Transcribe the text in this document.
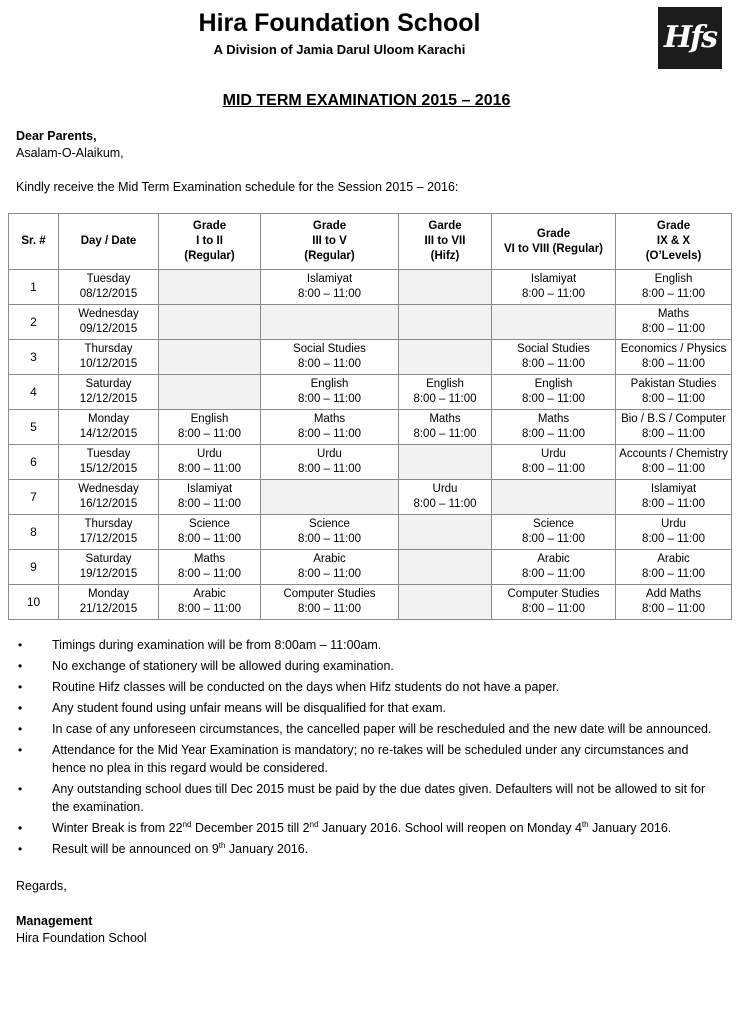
Hira Foundation School
A Division of Jamia Darul Uloom Karachi	Hfs
MID TERM EXAMINATION 2015 – 2016
Dear Parents,
Asalam-O-Alaikum,
Kindly receive the Mid Term Examination schedule for the Session 2015 – 2016:
Sr. #	Day / Date	Grade
I to II
(Regular)	Grade
III to V
(Regular)	Garde
III to VII
(Hifz)	Grade
VI to VIII (Regular)	Grade
IX & X
(O’Levels)

1	Tuesday
08/12/2015		Islamiyat
8:00 – 11:00		Islamiyat
8:00 – 11:00	English
8:00 – 11:00

2	Wednesday
09/12/2015					Maths
8:00 – 11:00

3	Thursday
10/12/2015		Social Studies
8:00 – 11:00		Social Studies
8:00 – 11:00	Economics / Physics
8:00 – 11:00

4	Saturday
12/12/2015		English
8:00 – 11:00	English
8:00 – 11:00	English
8:00 – 11:00	Pakistan Studies
8:00 – 11:00

5	Monday
14/12/2015	English
8:00 – 11:00	Maths
8:00 – 11:00	Maths
8:00 – 11:00	Maths
8:00 – 11:00	Bio / B.S / Computer
8:00 – 11:00

6	Tuesday
15/12/2015	Urdu
8:00 – 11:00	Urdu
8:00 – 11:00		Urdu
8:00 – 11:00	Accounts / Chemistry
8:00 – 11:00

7	Wednesday
16/12/2015	Islamiyat
8:00 – 11:00		Urdu
8:00 – 11:00		Islamiyat
8:00 – 11:00

8	Thursday
17/12/2015	Science
8:00 – 11:00	Science
8:00 – 11:00		Science
8:00 – 11:00	Urdu
8:00 – 11:00

9	Saturday
19/12/2015	Maths
8:00 – 11:00	Arabic
8:00 – 11:00		Arabic
8:00 – 11:00	Arabic
8:00 – 11:00

10	Monday
21/12/2015	Arabic
8:00 – 11:00	Computer Studies
8:00 – 11:00		Computer Studies
8:00 – 11:00	Add Maths
8:00 – 11:00
• Timings during examination will be from 8:00am – 11:00am.
• No exchange of stationery will be allowed during examination.
• Routine Hifz classes will be conducted on the days when Hifz students do not have a paper.
• Any student found using unfair means will be disqualified for that exam.
• In case of any unforeseen circumstances, the cancelled paper will be rescheduled and the new date will be announced.
• Attendance for the Mid Year Examination is mandatory; no re-takes will be scheduled under any circumstances and hence no plea in this regard would be considered.
• Any outstanding school dues till Dec 2015 must be paid by the due dates given. Defaulters will not be allowed to sit for the examination.
• Winter Break is from 22nd December 2015 till 2nd January 2016. School will reopen on Monday 4th January 2016.
• Result will be announced on 9th January 2016.
Regards,
Management
Hira Foundation School
